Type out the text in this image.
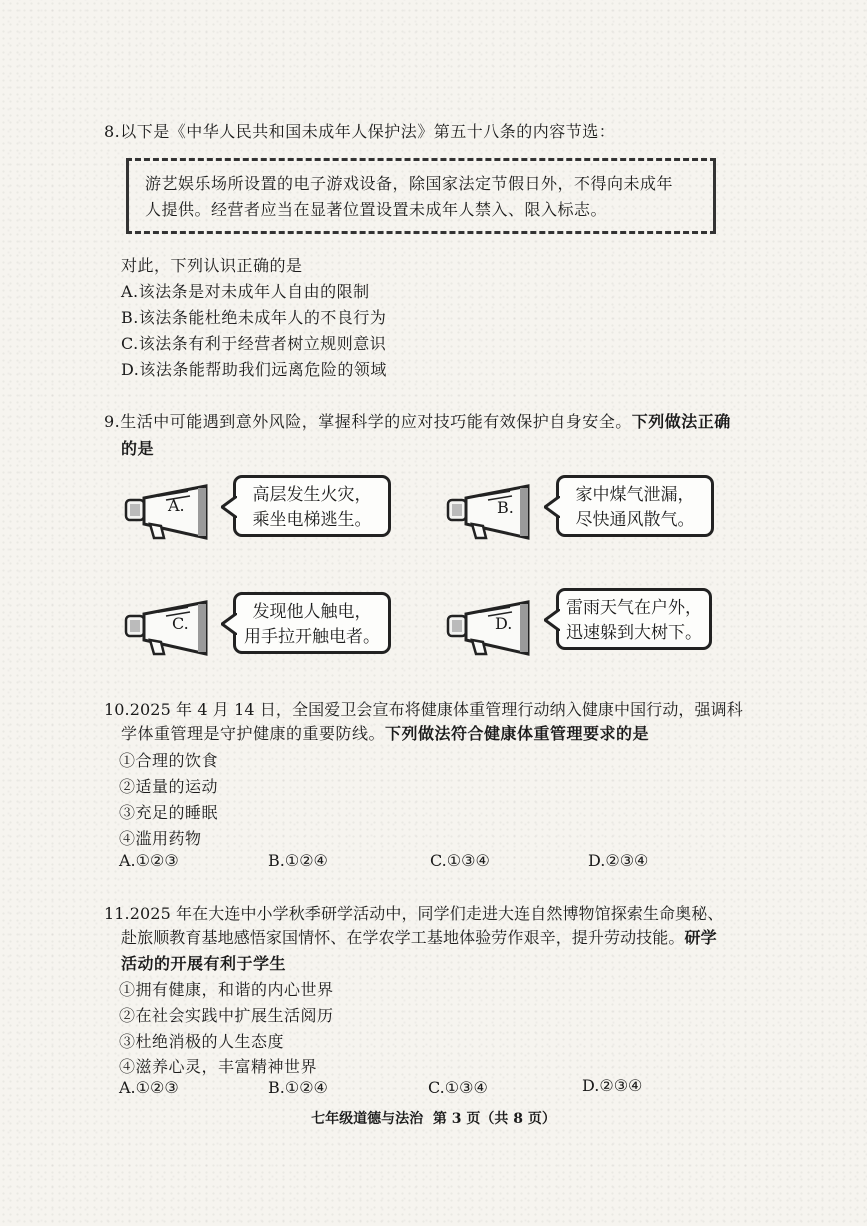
8.以下是《中华人民共和国未成年人保护法》第五十八条的内容节选：
游艺娱乐场所设置的电子游戏设备，除国家法定节假日外，不得向未成年
人提供。经营者应当在显著位置设置未成年人禁入、限入标志。
对此，下列认识正确的是
A.该法条是对未成年人自由的限制
B.该法条能杜绝未成年人的不良行为
C.该法条有利于经营者树立规则意识
D.该法条能帮助我们远离危险的领域
9.生活中可能遇到意外风险，掌握科学的应对技巧能有效保护自身安全。下列做法正确
的是
A.
高层发生火灾，
乘坐电梯逃生。
B.
家中煤气泄漏，
尽快通风散气。
C.
发现他人触电，
用手拉开触电者。
D.
雷雨天气在户外，
迅速躲到大树下。
10.2025 年 4 月 14 日，全国爱卫会宣布将健康体重管理行动纳入健康中国行动，强调科
学体重管理是守护健康的重要防线。下列做法符合健康体重管理要求的是
①合理的饮食
②适量的运动
③充足的睡眠
④滥用药物
A.①②③	B.①②④	C.①③④	D.②③④
11.2025 年在大连中小学秋季研学活动中，同学们走进大连自然博物馆探索生命奥秘、
赴旅顺教育基地感悟家国情怀、在学农学工基地体验劳作艰辛，提升劳动技能。研学
活动的开展有利于学生
①拥有健康，和谐的内心世界
②在社会实践中扩展生活阅历
③杜绝消极的人生态度
④滋养心灵，丰富精神世界
A.①②③	B.①②④	C.①③④	D.②③④
七年级道德与法治  第 3 页（共 8 页）
